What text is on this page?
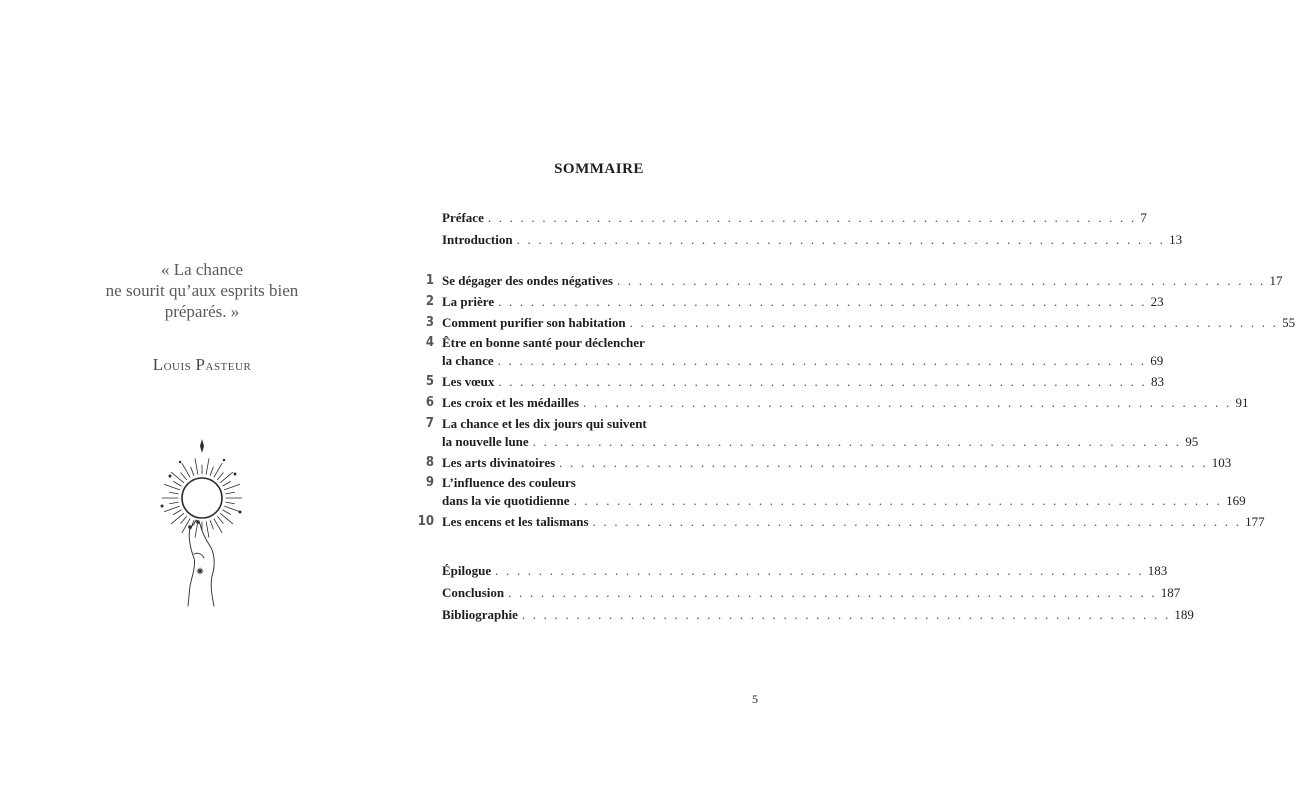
« La chance
ne sourit qu’aux esprits bien
préparés. »
Louis Pasteur
SOMMAIRE
Préface . . . . . . . . . . . . . . . . . . . . . . . . . . . . . . . . . . . . . . . . . . . . . . . . . . . . . . . . . . . . 7
Introduction . . . . . . . . . . . . . . . . . . . . . . . . . . . . . . . . . . . . . . . . . . . . . . . . . . . . . . . . . . . . 13
1 Se dégager des ondes négatives . . . . . . . . . . . . . . . . . . . . . . . . . . . . . . . . . . . . . . . . . . . . . . . . . . . . . . . . . . . . 17
2 La prière . . . . . . . . . . . . . . . . . . . . . . . . . . . . . . . . . . . . . . . . . . . . . . . . . . . . . . . . . . . . 23
3 Comment purifier son habitation . . . . . . . . . . . . . . . . . . . . . . . . . . . . . . . . . . . . . . . . . . . . . . . . . . . . . . . . . . . . 55
4 Être en bonne santé pour déclencher
la chance . . . . . . . . . . . . . . . . . . . . . . . . . . . . . . . . . . . . . . . . . . . . . . . . . . . . . . . . . . . . 69
5 Les vœux . . . . . . . . . . . . . . . . . . . . . . . . . . . . . . . . . . . . . . . . . . . . . . . . . . . . . . . . . . . . 83
6 Les croix et les médailles . . . . . . . . . . . . . . . . . . . . . . . . . . . . . . . . . . . . . . . . . . . . . . . . . . . . . . . . . . . . 91
7 La chance et les dix jours qui suivent
la nouvelle lune . . . . . . . . . . . . . . . . . . . . . . . . . . . . . . . . . . . . . . . . . . . . . . . . . . . . . . . . . . . . 95
8 Les arts divinatoires . . . . . . . . . . . . . . . . . . . . . . . . . . . . . . . . . . . . . . . . . . . . . . . . . . . . . . . . . . . . 103
9 L’influence des couleurs
dans la vie quotidienne . . . . . . . . . . . . . . . . . . . . . . . . . . . . . . . . . . . . . . . . . . . . . . . . . . . . . . . . . . . . 169
10 Les encens et les talismans . . . . . . . . . . . . . . . . . . . . . . . . . . . . . . . . . . . . . . . . . . . . . . . . . . . . . . . . . . . . 177
Épilogue . . . . . . . . . . . . . . . . . . . . . . . . . . . . . . . . . . . . . . . . . . . . . . . . . . . . . . . . . . . . 183
Conclusion . . . . . . . . . . . . . . . . . . . . . . . . . . . . . . . . . . . . . . . . . . . . . . . . . . . . . . . . . . . . 187
Bibliographie . . . . . . . . . . . . . . . . . . . . . . . . . . . . . . . . . . . . . . . . . . . . . . . . . . . . . . . . . . . . 189
5
